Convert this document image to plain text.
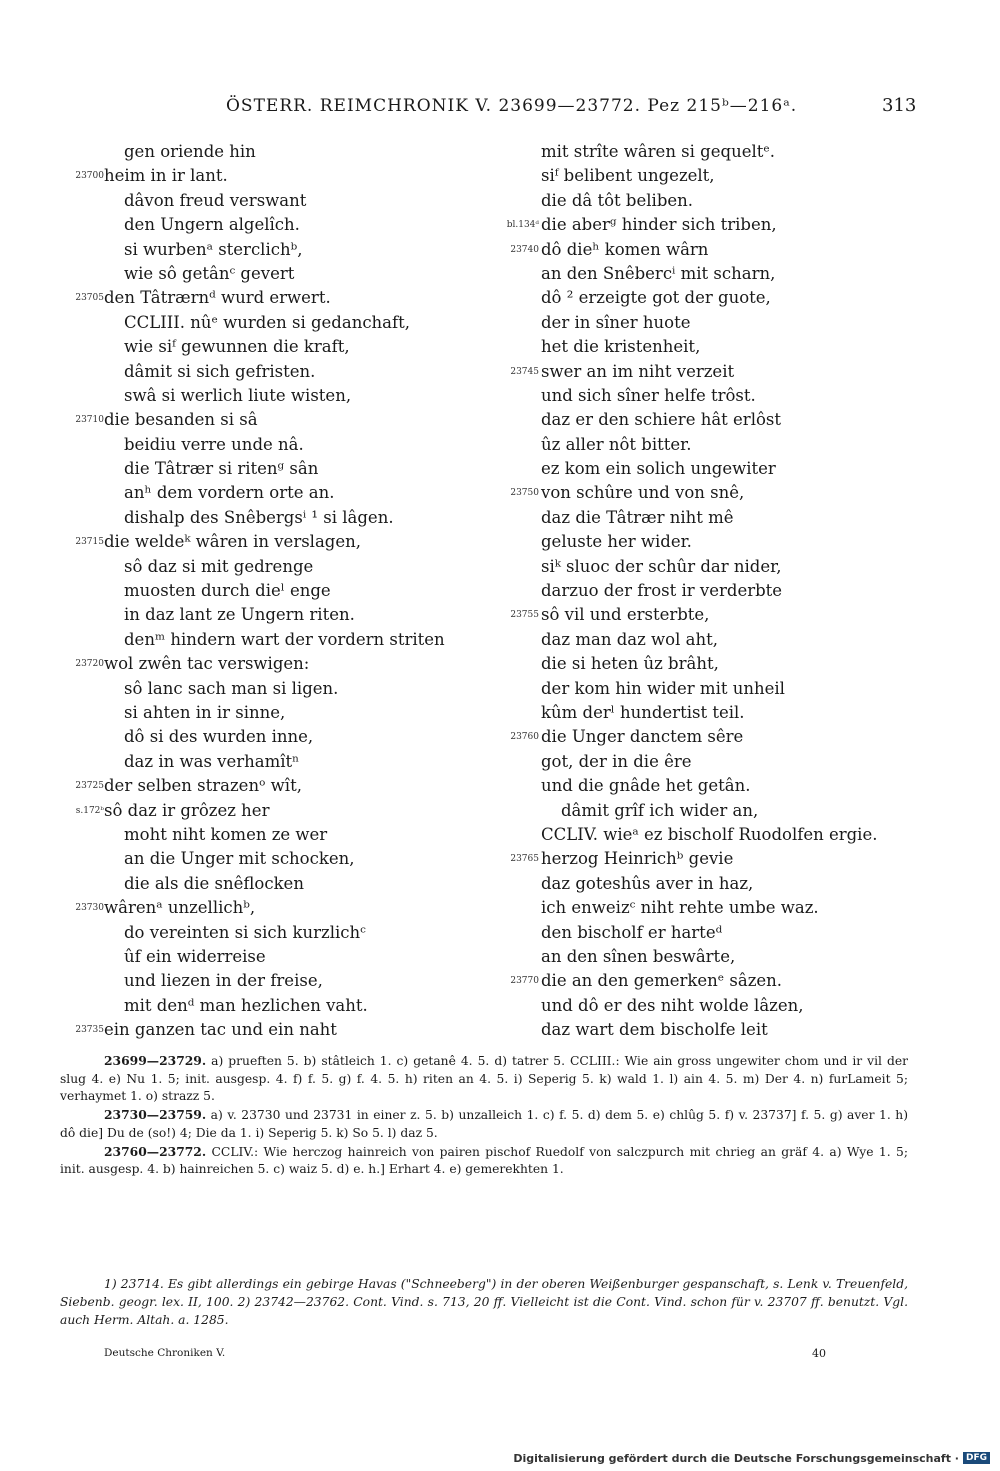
ÖSTERR. REIMCHRONIK V. 23699—23772. Pez 215ᵇ—216ᵃ.	313
gen oriende hin
23700 heim in ir lant.
dâvon freud verswant
den Ungern algelîch.
si wurbenᵃ sterclichᵇ,
wie sô getânᶜ gevert
23705 den Tâtrærnᵈ wurd erwert.
CCLIII. nûᵉ wurden si gedanchaft,
wie siᶠ gewunnen die kraft,
dâmit si sich gefristen.
swâ si werlich liute wisten,
23710 die besanden si sâ
beidiu verre unde nâ.
die Tâtrær si ritenᵍ sân
anʰ dem vordern orte an.
dishalp des Snêbergsⁱ ¹ si lâgen.
23715 die weldeᵏ wâren in verslagen,
sô daz si mit gedrenge
muosten durch dieˡ enge
in daz lant ze Ungern riten.
denᵐ hindern wart der vordern striten
23720 wol zwên tac verswigen:
sô lanc sach man si ligen.
si ahten in ir sinne,
dô si des wurden inne,
daz in was verhamîtⁿ
23725 der selben strazenᵒ wît,
s.172ᵇ sô daz ir grôzez her
moht niht komen ze wer
an die Unger mit schocken,
die als die snêflocken
23730 wârenᵃ unzellichᵇ,
do vereinten si sich kurzlichᶜ
ûf ein widerreise
und liezen in der freise,
mit denᵈ man hezlichen vaht.
23735 ein ganzen tac und ein naht
mit strîte wâren si gequeltᵉ.
siᶠ belibent ungezelt,
die dâ tôt beliben.
bl.134ᵈ die aberᵍ hinder sich triben,
23740 dô dieʰ komen wârn
an den Snêbercⁱ mit scharn,
dô ² erzeigte got der guote,
der in sîner huote
het die kristenheit,
23745 swer an im niht verzeit
und sich sîner helfe trôst.
daz er den schiere hât erlôst
ûz aller nôt bitter.
ez kom ein solich ungewiter
23750 von schûre und von snê,
daz die Tâtrær niht mê
geluste her wider.
siᵏ sluoc der schûr dar nider,
darzuo der frost ir verderbte
23755 sô vil und ersterbte,
daz man daz wol aht,
die si heten ûz brâht,
der kom hin wider mit unheil
kûm derˡ hundertist teil.
23760 die Unger danctem sêre
got, der in die êre
und die gnâde het getân.
dâmit grîf ich wider an,
CCLIV. wieᵃ ez bischolf Ruodolfen ergie.
23765 herzog Heinrichᵇ gevie
daz goteshûs aver in haz,
ich enweizᶜ niht rehte umbe waz.
den bischolf er harteᵈ
an den sînen beswârte,
23770 die an den gemerkenᵉ sâzen.
und dô er des niht wolde lâzen,
daz wart dem bischolfe leit
23699—23729. a) prueften 5. b) stâtleich 1. c) getanê 4. 5. d) tatrer 5. CCLIII.: Wie ain gross ungewiter chom und ir vil der slug 4. e) Nu 1. 5; init. ausgesp. 4. f) f. 5. g) f. 4. 5. h) riten an 4. 5. i) Seperig 5. k) wald 1. l) ain 4. 5. m) Der 4. n) furLameit 5; verhaymet 1. o) strazz 5.
23730—23759. a) v. 23730 und 23731 in einer z. 5. b) unzalleich 1. c) f. 5. d) dem 5. e) chlûg 5. f) v. 23737] f. 5. g) aver 1. h) dô die] Du de (so!) 4; Die da 1. i) Seperig 5. k) So 5. l) daz 5.
23760—23772. CCLIV.: Wie herczog hainreich von pairen pischof Ruedolf von salczpurch mit chrieg an gräf 4. a) Wye 1. 5; init. ausgesp. 4. b) hainreichen 5. c) waiz 5. d) e. h.] Erhart 4. e) gemerekhten 1.
1) 23714. Es gibt allerdings ein gebirge Havas ("Schneeberg") in der oberen Weißenburger gespanschaft, s. Lenk v. Treuenfeld, Siebenb. geogr. lex. II, 100. 2) 23742—23762. Cont. Vind. s. 713, 20 ff. Vielleicht ist die Cont. Vind. schon für v. 23707 ff. benutzt. Vgl. auch Herm. Altah. a. 1285.
Deutsche Chroniken V.	40
Digitalisierung gefördert durch die Deutsche Forschungsgemeinschaft · DFG
